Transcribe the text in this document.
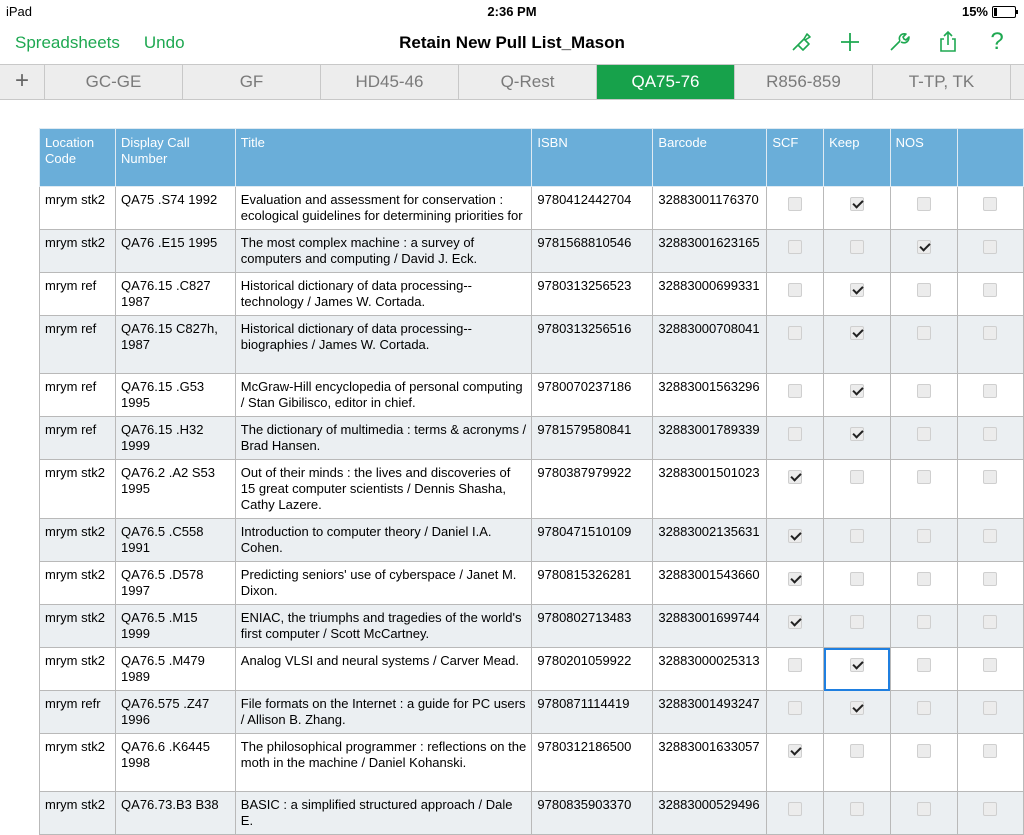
iPad	2:36 PM	15%
Spreadsheets Undo	Retain New Pull List_Mason	?
+	GC-GE	GF	HD45-46	Q-Rest	QA75-76	R856-859	T-TP, TK
Location Code	Display Call Number	Title	ISBN	Barcode	SCF	Keep	NOS	
mrym stk2	QA75 .S74 1992	Evaluation and assessment for conservation : ecological guidelines for determining priorities for	9780412442704	32883001176370				
mrym stk2	QA76 .E15 1995	The most complex machine : a survey of computers and computing / David J. Eck.	9781568810546	32883001623165				
mrym ref	QA76.15 .C827 1987	Historical dictionary of data processing--technology / James W. Cortada.	9780313256523	32883000699331				
mrym ref	QA76.15 C827h, 1987	Historical dictionary of data processing--biographies / James W. Cortada.	9780313256516	32883000708041				
mrym ref	QA76.15 .G53 1995	McGraw-Hill encyclopedia of personal computing / Stan Gibilisco, editor in chief.	9780070237186	32883001563296				
mrym ref	QA76.15 .H32 1999	The dictionary of multimedia : terms & acronyms / Brad Hansen.	9781579580841	32883001789339				
mrym stk2	QA76.2 .A2 S53 1995	Out of their minds : the lives and discoveries of 15 great computer scientists / Dennis Shasha, Cathy Lazere.	9780387979922	32883001501023				
mrym stk2	QA76.5 .C558 1991	Introduction to computer theory / Daniel I.A. Cohen.	9780471510109	32883002135631				
mrym stk2	QA76.5 .D578 1997	Predicting seniors' use of cyberspace / Janet M. Dixon.	9780815326281	32883001543660				
mrym stk2	QA76.5 .M15 1999	ENIAC, the triumphs and tragedies of the world's first computer / Scott McCartney.	9780802713483	32883001699744				
mrym stk2	QA76.5 .M479 1989	Analog VLSI and neural systems / Carver Mead.	9780201059922	32883000025313				
mrym refr	QA76.575 .Z47 1996	File formats on the Internet : a guide for PC users / Allison B. Zhang.	9780871114419	32883001493247				
mrym stk2	QA76.6 .K6445 1998	The philosophical programmer : reflections on the moth in the machine / Daniel Kohanski.	9780312186500	32883001633057				
mrym stk2	QA76.73.B3 B38	BASIC : a simplified structured approach / Dale E.	9780835903370	32883000529496				
